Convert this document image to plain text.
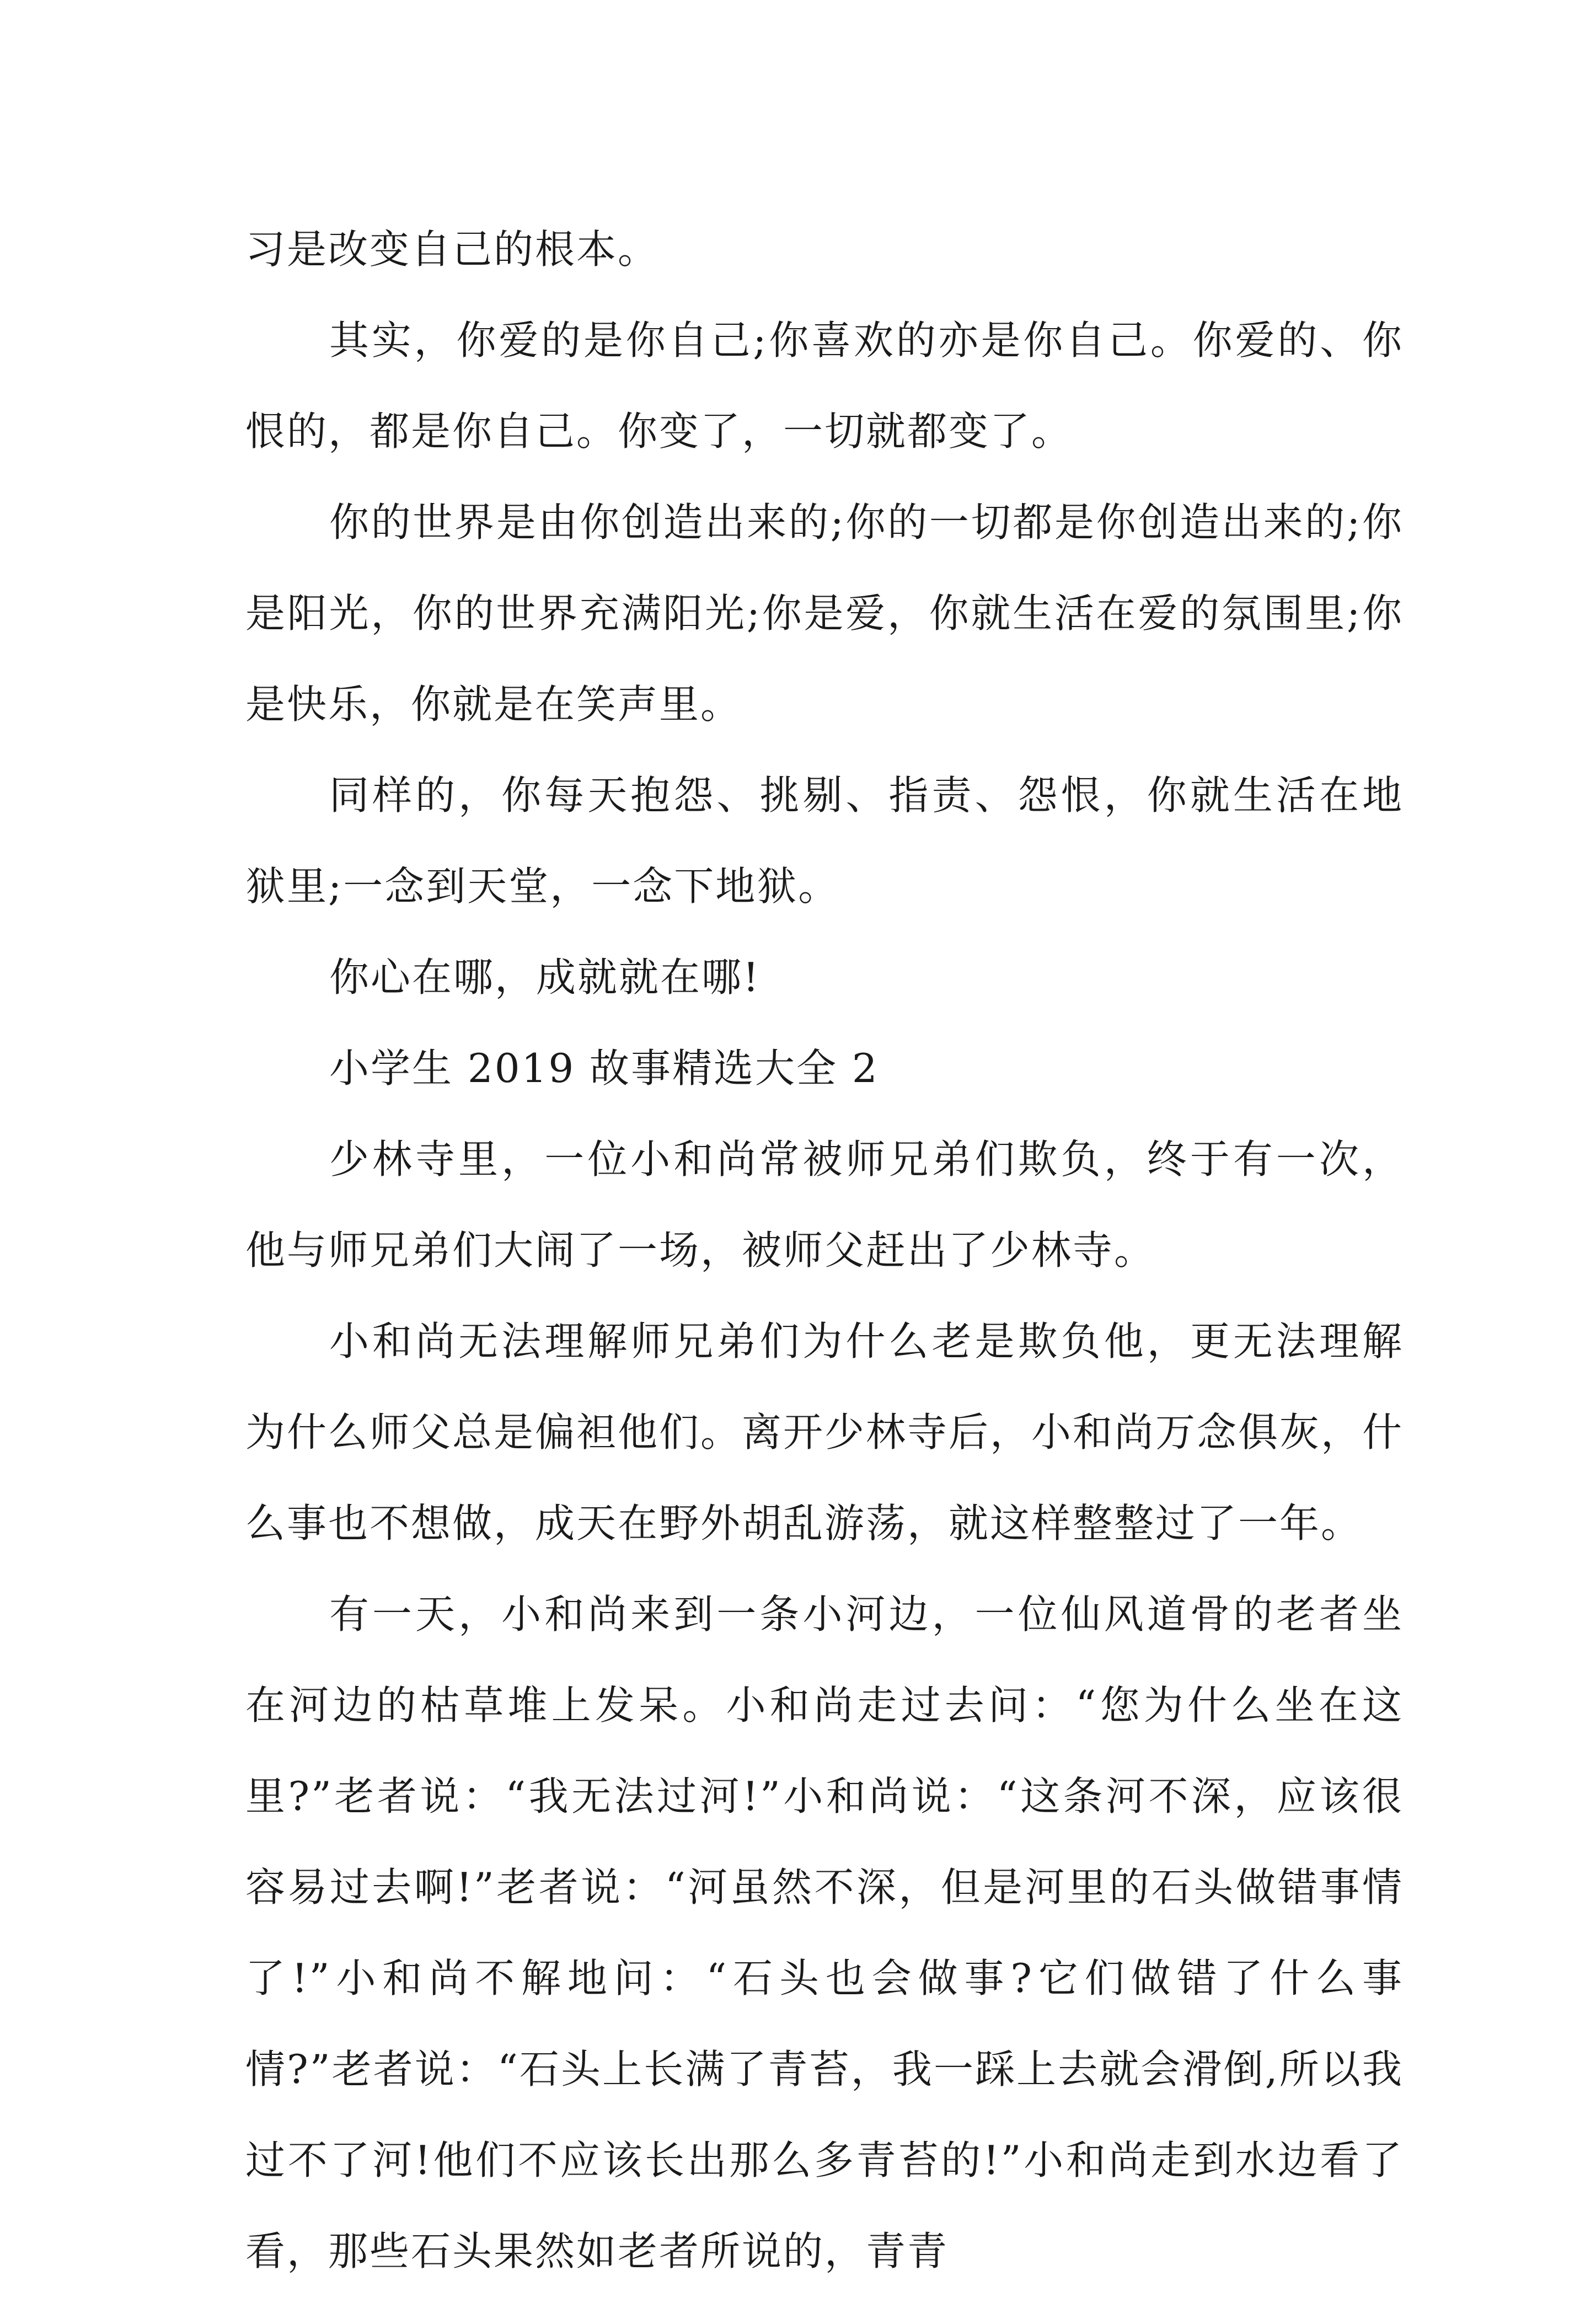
习是改变自己的根本。

其实，你爱的是你自己;你喜欢的亦是你自己。你爱的、你恨的，都是你自己。你变了，一切就都变了。

你的世界是由你创造出来的;你的一切都是你创造出来的;你是阳光，你的世界充满阳光;你是爱，你就生活在爱的氛围里;你是快乐，你就是在笑声里。

同样的，你每天抱怨、挑剔、指责、怨恨，你就生活在地狱里;一念到天堂，一念下地狱。

你心在哪，成就就在哪!

小学生 2019 故事精选大全 2

少林寺里，一位小和尚常被师兄弟们欺负，终于有一次，他与师兄弟们大闹了一场，被师父赶出了少林寺。

小和尚无法理解师兄弟们为什么老是欺负他，更无法理解为什么师父总是偏袒他们。离开少林寺后，小和尚万念俱灰，什么事也不想做，成天在野外胡乱游荡，就这样整整过了一年。

有一天，小和尚来到一条小河边，一位仙风道骨的老者坐在河边的枯草堆上发呆。小和尚走过去问：“您为什么坐在这里?”老者说：“我无法过河!”小和尚说：“这条河不深，应该很容易过去啊!”老者说：“河虽然不深，但是河里的石头做错事情了!”小和尚不解地问：“石头也会做事?它们做错了什么事情?”老者说：“石头上长满了青苔，我一踩上去就会滑倒,所以我过不了河!他们不应该长出那么多青苔的!”小和尚走到水边看了看，那些石头果然如老者所说的，青青
